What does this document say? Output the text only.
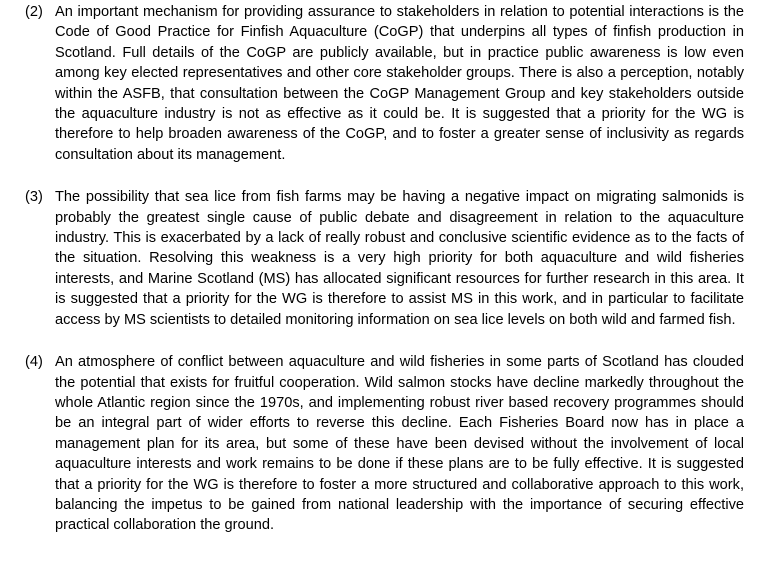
(2) An important mechanism for providing assurance to stakeholders in relation to potential interactions is the Code of Good Practice for Finfish Aquaculture (CoGP) that underpins all types of finfish production in Scotland. Full details of the CoGP are publicly available, but in practice public awareness is low even among key elected representatives and other core stakeholder groups. There is also a perception, notably within the ASFB, that consultation between the CoGP Management Group and key stakeholders outside the aquaculture industry is not as effective as it could be. It is suggested that a priority for the WG is therefore to help broaden awareness of the CoGP, and to foster a greater sense of inclusivity as regards consultation about its management.

(3) The possibility that sea lice from fish farms may be having a negative impact on migrating salmonids is probably the greatest single cause of public debate and disagreement in relation to the aquaculture industry. This is exacerbated by a lack of really robust and conclusive scientific evidence as to the facts of the situation. Resolving this weakness is a very high priority for both aquaculture and wild fisheries interests, and Marine Scotland (MS) has allocated significant resources for further research in this area. It is suggested that a priority for the WG is therefore to assist MS in this work, and in particular to facilitate access by MS scientists to detailed monitoring information on sea lice levels on both wild and farmed fish.

(4) An atmosphere of conflict between aquaculture and wild fisheries in some parts of Scotland has clouded the potential that exists for fruitful cooperation. Wild salmon stocks have decline markedly throughout the whole Atlantic region since the 1970s, and implementing robust river based recovery programmes should be an integral part of wider efforts to reverse this decline. Each Fisheries Board now has in place a management plan for its area, but some of these have been devised without the involvement of local aquaculture interests and work remains to be done if these plans are to be fully effective. It is suggested that a priority for the WG is therefore to foster a more structured and collaborative approach to this work, balancing the impetus to be gained from national leadership with the importance of securing effective practical collaboration the ground.
